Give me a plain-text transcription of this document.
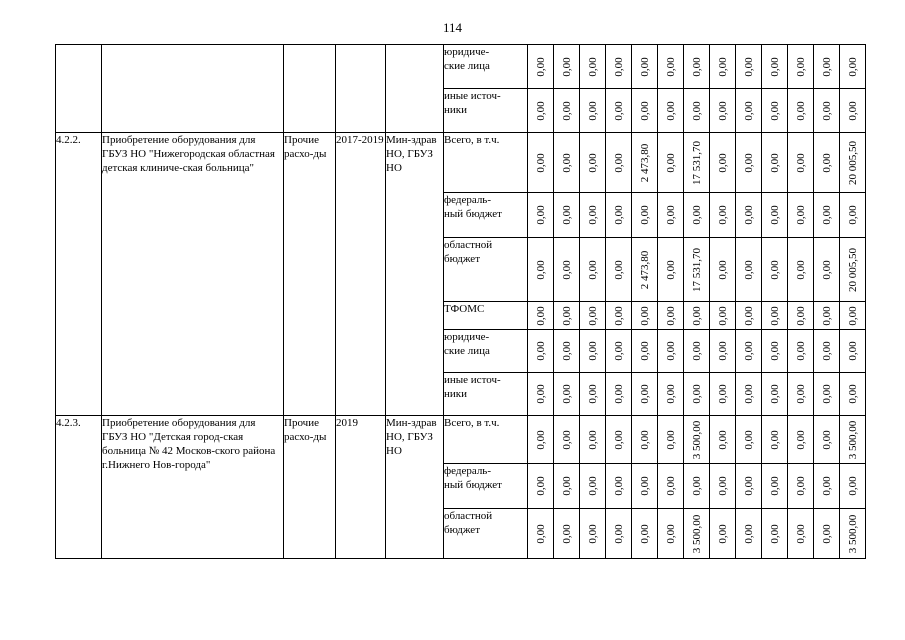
114

					юридиче-
ские лица	0,00	0,00	0,00	0,00	0,00	0,00	0,00	0,00	0,00	0,00	0,00	0,00	0,00

					иные источ-
ники	0,00	0,00	0,00	0,00	0,00	0,00	0,00	0,00	0,00	0,00	0,00	0,00	0,00

4.2.2.	Приобретение оборудования для ГБУЗ НО "Нижегородская областная детская клиниче-ская больница"	Прочие расхо-ды	2017-2019	Мин-здрав НО, ГБУЗ НО	Всего, в т.ч.	0,00	0,00	0,00	0,00	2 473,80	0,00	17 531,70	0,00	0,00	0,00	0,00	0,00	20 005,50

					федераль-
ный бюджет	0,00	0,00	0,00	0,00	0,00	0,00	0,00	0,00	0,00	0,00	0,00	0,00	0,00

					областной
бюджет	0,00	0,00	0,00	0,00	2 473,80	0,00	17 531,70	0,00	0,00	0,00	0,00	0,00	20 005,50

					ТФОМС	0,00	0,00	0,00	0,00	0,00	0,00	0,00	0,00	0,00	0,00	0,00	0,00	0,00

					юридиче-
ские лица	0,00	0,00	0,00	0,00	0,00	0,00	0,00	0,00	0,00	0,00	0,00	0,00	0,00

					иные источ-
ники	0,00	0,00	0,00	0,00	0,00	0,00	0,00	0,00	0,00	0,00	0,00	0,00	0,00

4.2.3.	Приобретение оборудования для ГБУЗ НО "Детская город-ская больница № 42 Москов-ского района г.Нижнего Нов-города"	Прочие расхо-ды	2019	Мин-здрав НО, ГБУЗ НО	Всего, в т.ч.	0,00	0,00	0,00	0,00	0,00	0,00	3 500,00	0,00	0,00	0,00	0,00	0,00	3 500,00

					федераль-
ный бюджет	0,00	0,00	0,00	0,00	0,00	0,00	0,00	0,00	0,00	0,00	0,00	0,00	0,00

					областной
бюджет	0,00	0,00	0,00	0,00	0,00	0,00	3 500,00	0,00	0,00	0,00	0,00	0,00	3 500,00
